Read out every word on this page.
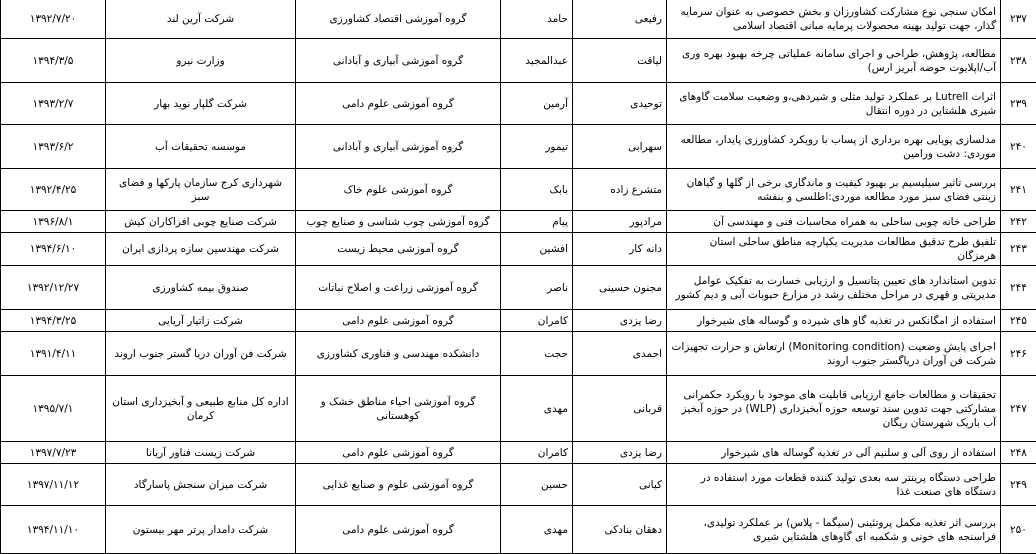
۲۳۷	امکان سنجی نوع مشارکت کشاورزان و بخش خصوصی به عنوان سرمایه گذار، جهت تولید بهینه محصولات پرمایه مبانی اقتصاد اسلامی	رفیعی	حامد	گروه آموزشی اقتصاد کشاورزی	شرکت آرین لند	۱۳۹۲/۷/۲۰
۲۳۸	مطالعه، پژوهش، طراحی و اجرای سامانه عملیاتی چرخه بهبود بهره وری آب/اپلایوت حوضه آبریز ارس)	لیاقت	عبدالمجید	گروه آموزشی آبیاری و آبادانی	وزارت نیرو	۱۳۹۴/۳/۵
۲۳۹	اثرات Lutrell بر عملکرد تولید مثلی و شیردهی،و وضعیت سلامت گاوهای شیری هلشتاین در دوره انتقال	توحیدی	آرمین	گروه آموزشی علوم دامی	شرکت گلپار نوید بهار	۱۳۹۳/۲/۷
۲۴۰	مدلسازی پویایی بهره برداری از پساب با رویکرد کشاورزی پایدار، مطالعه موردی: دشت ورامین	سهرابی	تیمور	گروه آموزشی آبیاری و آبادانی	موسسه تحقیقات آب	۱۳۹۳/۶/۲
۲۴۱	بررسی تاثیر سیلیسیم بر بهبود کیفیت و ماندگاری برخی از گلها و گیاهان زینتی فضای سبز مورد مطالعه موردی:اطلسی و بنفشه	متشرع زاده	بابک	گروه آموزشی علوم خاک	شهرداری کرج سازمان پارکها و فضای سبز	۱۳۹۲/۴/۲۵
۲۴۲	طراحی خانه چوبی ساحلی به همراه محاسبات فنی و مهندسی آن	مرادپور	پیام	گروه آموزشی چوب شناسی و صنایع چوب	شرکت صنایع چوبی افراکاران کیش	۱۳۹۶/۸/۱
۲۴۳	تلفیق طرح تدقیق مطالعات مدیریت یکپارچه مناطق ساحلی استان هرمزگان	دانه کار	افشین	گروه آموزشی محیط زیست	شرکت مهندسین سازه پردازی ایران	۱۳۹۴/۶/۱۰
۲۴۴	تدوین استاندارد های تعیین پتانسیل و ارزیابی خسارت به تفکیک عوامل مدیریتی و قهری در مراحل مختلف رشد در مزارع حبوبات آبی و دیم کشور	مجنون حسینی	ناصر	گروه آموزشی زراعت و اصلاح نباتات	صندوق بیمه کشاورزی	۱۳۹۲/۱۲/۲۷
۲۴۵	استفاده از امگانکس در تغذیه گاو های شیرده و گوساله های شیرخوار	رضا یزدی	کامران	گروه آموزشی علوم دامی	شرکت زاتیار آریایی	۱۳۹۴/۳/۲۵
۲۴۶	اجرای پایش وضعیت (Monitoring condition) ارتعاش و حرارت تجهیزات شرکت فن آوران دریاگستر جنوب اروند	احمدی	حجت	دانشکده مهندسی و فناوری کشاورزی	شرکت فن آوران دریا گستر جنوب اروند	۱۳۹۱/۴/۱۱
۲۴۷	تحقیقات و مطالعات جامع ارزیابی قابلیت های موجود با رویکرد حکمرانی مشارکتی جهت تدوین سند توسعه حوزه آبخیزداری (WLP) در حوزه آبخیز آب باریک شهرستان ریگان	قربانی	مهدی	گروه آموزشی احیاء مناطق خشک و کوهستانی	اداره کل منابع طبیعی و آبخیزداری استان کرمان	۱۳۹۵/۷/۱
۲۴۸	استفاده از روی آلی و سلنیم آلی در تغذیه گوساله های شیرخوار	رضا یزدی	کامران	گروه آموزشی علوم دامی	شرکت زیست فناور آریانا	۱۳۹۷/۷/۲۳
۲۴۹	طراحی دستگاه پرینتر سه بعدی تولید کننده قطعات مورد استفاده در دستگاه های صنعت غذا	کیانی	حسین	گروه آموزشی علوم و صنایع غذایی	شرکت میزان سنجش پاسارگاد	۱۳۹۷/۱۱/۱۲
۲۵۰	بررسی اثر تغذیه مکمل پروتئینی (سیگما - پلاس) بر عملکرد تولیدی، فراسنجه های خونی و شکمبه ای گاوهای هلشتاین شیری	دهقان بنادکی	مهدی	گروه آموزشی علوم دامی	شرکت دامدار پرتر مهر بیستون	۱۳۹۴/۱۱/۱۰
